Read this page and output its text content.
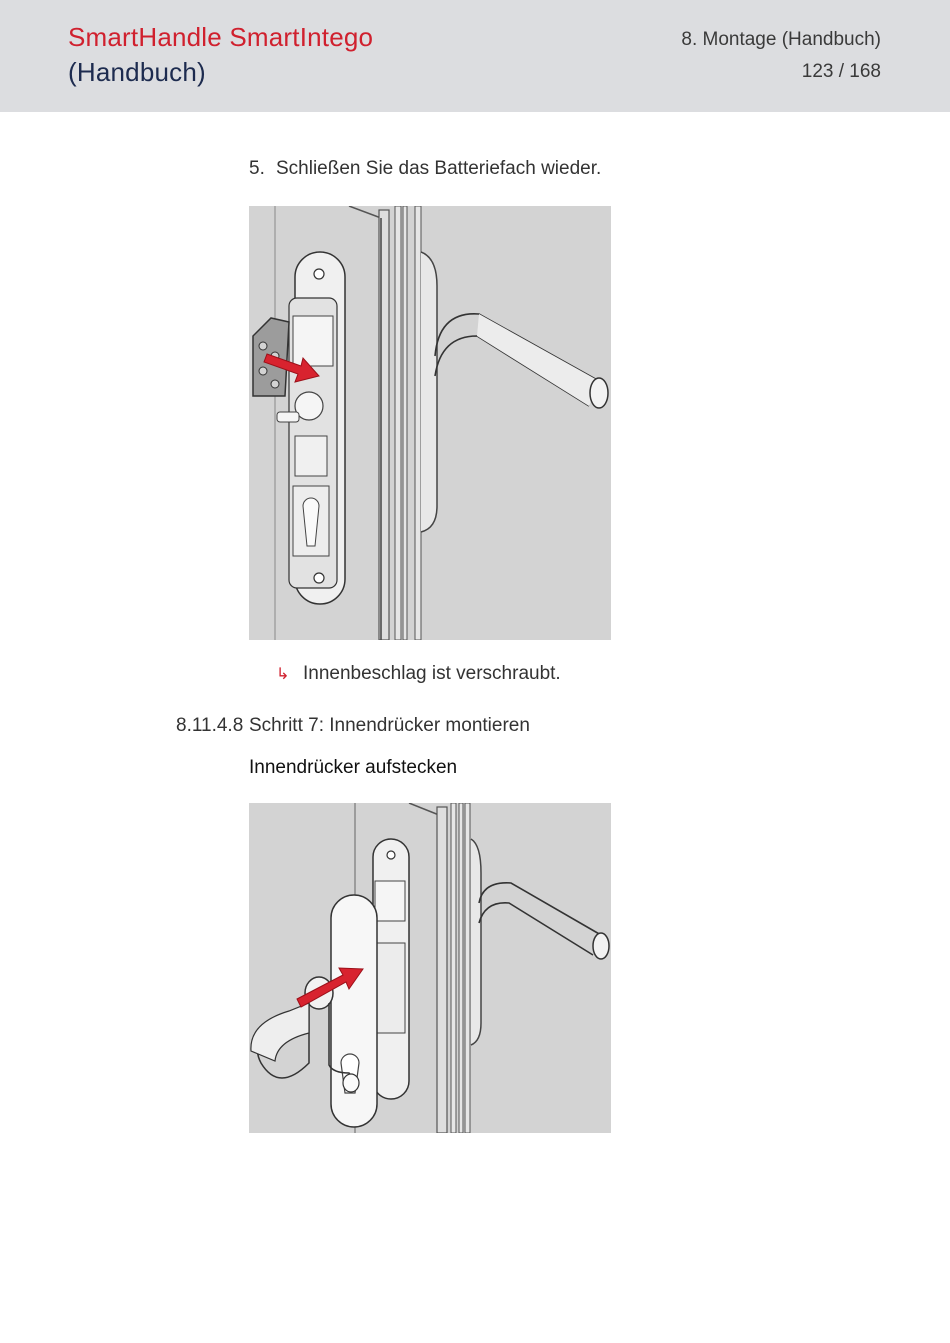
SmartHandle SmartIntego
(Handbuch)
8. Montage (Handbuch)
123 / 168
5. Schließen Sie das Batteriefach wieder.
↳ Innenbeschlag ist verschraubt.
8.11.4.8 Schritt 7: Innendrücker montieren
Innendrücker aufstecken
